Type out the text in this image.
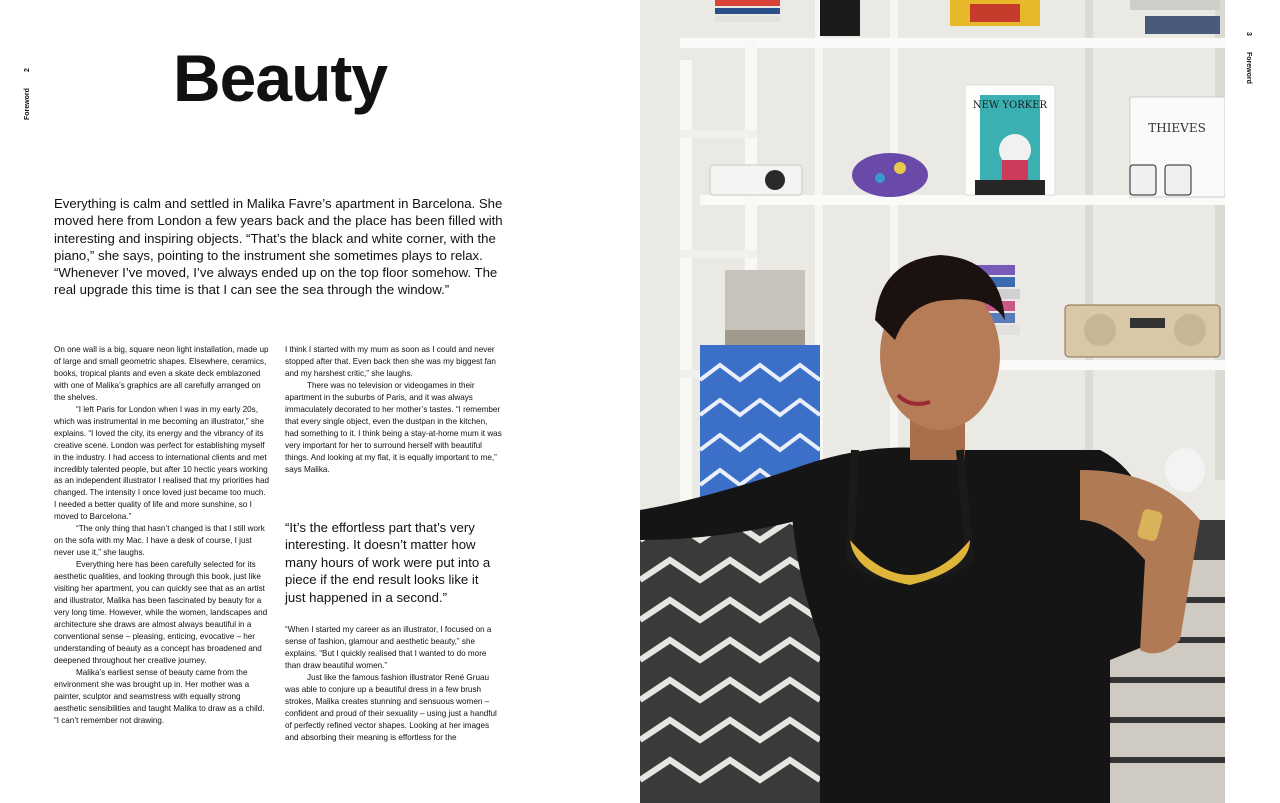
2
Foreword Beauty

Everything is calm and settled in Malika Favre’s apartment in Barcelona. She moved here from London a few years back and the place has been filled with interesting and inspiring objects. “That’s the black and white corner, with the piano,” she says, pointing to the instrument she sometimes plays to relax. “Whenever I’ve moved, I’ve always ended up on the top floor somehow. The real upgrade this time is that I can see the sea through the window.”

On one wall is a big, square neon light installation, made up of large and small geometric shapes. Elsewhere, ceramics, books, tropical plants and even a skate deck emblazoned with one of Malika’s graphics are all carefully arranged on the shelves.

“I left Paris for London when I was in my early 20s, which was instrumental in me becoming an illustrator,” she explains. “I loved the city, its energy and the vibrancy of its creative scene. London was perfect for establishing myself in the industry. I had access to international clients and met incredibly talented people, but after 10 hectic years working as an independent illustrator I realised that my priorities had changed. The intensity I once loved just became too much. I needed a better quality of life and more sunshine, so I moved to Barcelona.”

“The only thing that hasn’t changed is that I still work on the sofa with my Mac. I have a desk of course, I just never use it,” she laughs.

Everything here has been carefully selected for its aesthetic qualities, and looking through this book, just like visiting her apartment, you can quickly see that as an artist and illustrator, Malika has been fascinated by beauty for a very long time. However, while the women, landscapes and architecture she draws are almost always beautiful in a conventional sense – pleasing, enticing, evocative – her understanding of beauty as a concept has broadened and deepened throughout her creative journey.

Malika’s earliest sense of beauty came from the environment she was brought up in. Her mother was a painter, sculptor and seamstress with equally strong aesthetic sensibilities and taught Malika to draw as a child. “I can’t remember not drawing.

I think I started with my mum as soon as I could and never stopped after that. Even back then she was my biggest fan and my harshest critic,” she laughs.

There was no television or videogames in their apartment in the suburbs of Paris, and it was always immaculately decorated to her mother’s tastes. “I remember that every single object, even the dustpan in the kitchen, had something to it. I think being a stay-at-home mum it was very important for her to surround herself with beautiful things. And looking at my flat, it is equally important to me,” says Malika.

“It’s the effortless part that’s very interesting. It doesn’t matter how many hours of work were put into a piece if the end result looks like it just happened in a second.”

“When I started my career as an illustrator, I focused on a sense of fashion, glamour and aesthetic beauty,” she explains. “But I quickly realised that I wanted to do more than draw beautiful women.”

Just like the famous fashion illustrator René Gruau was able to conjure up a beautiful dress in a few brush strokes, Malika creates stunning and sensuous women – confident and proud of their sexuality – using just a handful of perfectly refined vector shapes. Looking at her images and absorbing their meaning is effortless for the

NEW YORKER
THIEVES
3
Foreword
